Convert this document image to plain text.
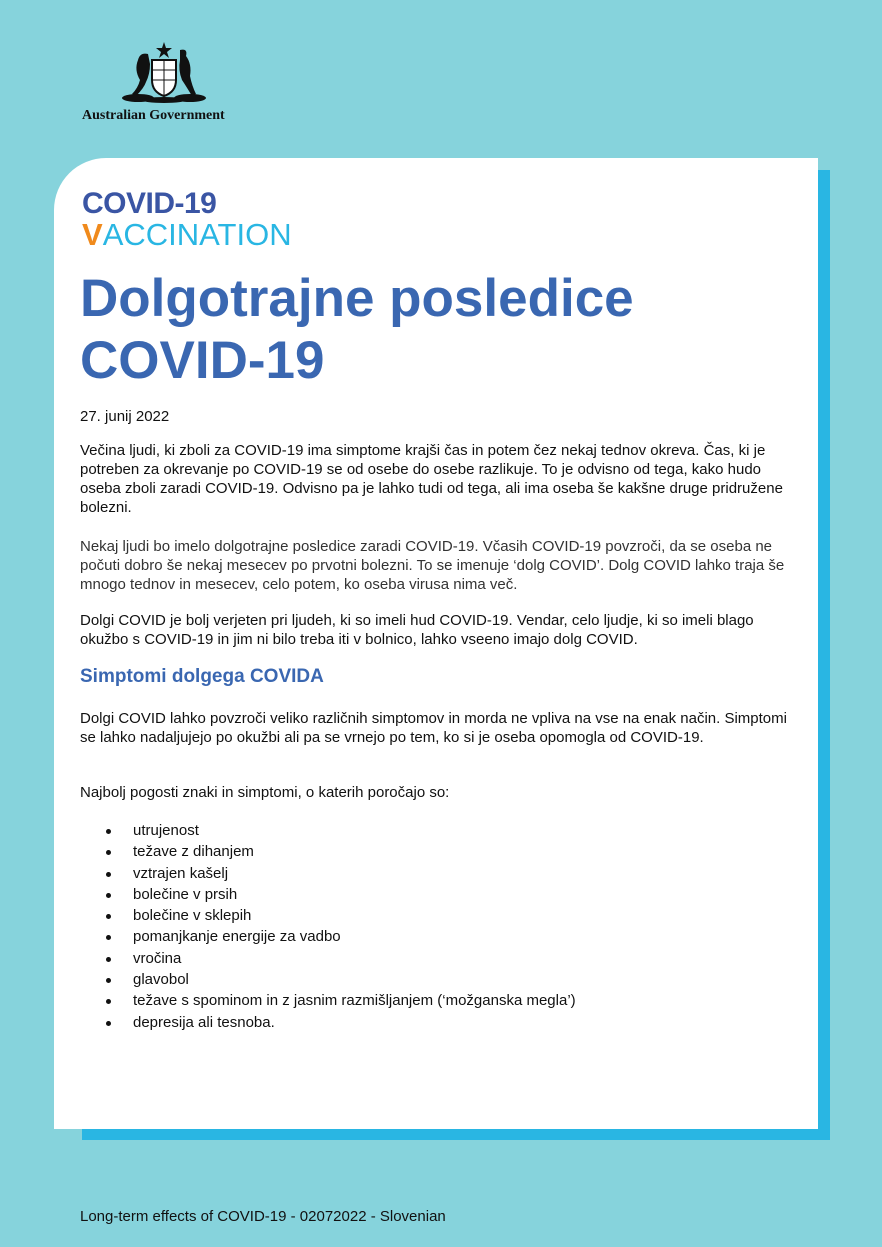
Australian Government
COVID-19
VACCINATION
Dolgotrajne posledice COVID-19
27. junij 2022

Večina ljudi, ki zboli za COVID-19 ima simptome krajši čas in potem čez nekaj tednov okreva. Čas, ki je potreben za okrevanje po COVID-19 se od osebe do osebe razlikuje. To je odvisno od tega, kako hudo oseba zboli zaradi COVID-19. Odvisno pa je lahko tudi od tega, ali ima oseba še kakšne druge pridružene bolezni.

Nekaj ljudi bo imelo dolgotrajne posledice zaradi COVID-19. Včasih COVID-19 povzroči, da se oseba ne počuti dobro še nekaj mesecev po prvotni bolezni. To se imenuje ‘dolg COVID’. Dolg COVID lahko traja še mnogo tednov in mesecev, celo potem, ko oseba virusa nima več.

Dolgi COVID je bolj verjeten pri ljudeh, ki so imeli hud COVID-19. Vendar, celo ljudje, ki so imeli blago okužbo s COVID-19 in jim ni bilo treba iti v bolnico, lahko vseeno imajo dolg COVID.

Simptomi dolgega COVIDA

Dolgi COVID lahko povzroči veliko različnih simptomov in morda ne vpliva na vse na enak način. Simptomi se lahko nadaljujejo po okužbi ali pa se vrnejo po tem, ko si je oseba opomogla od COVID-19.

Najbolj pogosti znaki in simptomi, o katerih poročajo so:

utrujenost
težave z dihanjem
vztrajen kašelj
bolečine v prsih
bolečine v sklepih
pomanjkanje energije za vadbo
vročina
glavobol
težave s spominom in z jasnim razmišljanjem (‘možganska megla’)
depresija ali tesnoba.
Long-term effects of COVID-19 - 02072022 - Slovenian
